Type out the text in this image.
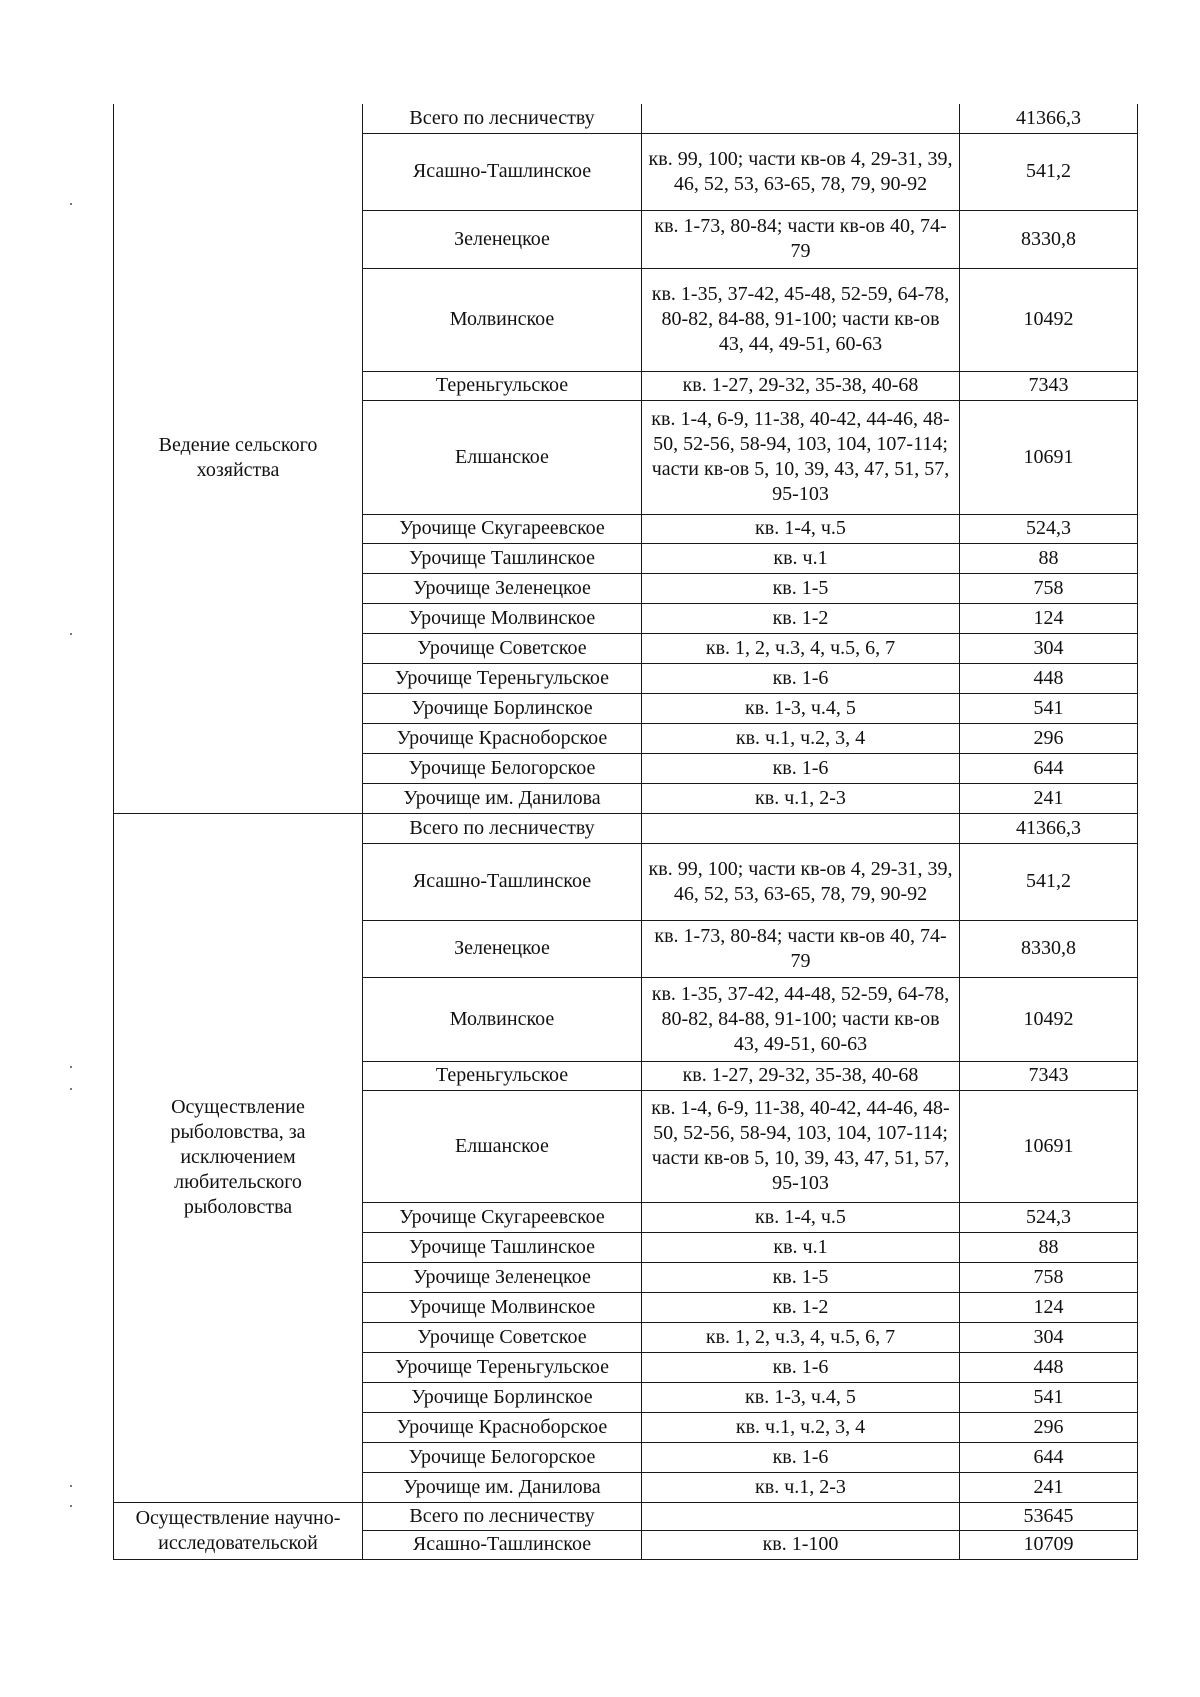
Ведение сельского хозяйства	Всего по лесничеству		41366,3
	Ясашно-Ташлинское	кв. 99, 100; части кв-ов 4, 29-31, 39, 46, 52, 53, 63-65, 78, 79, 90-92	541,2
	Зеленецкое	кв. 1-73, 80-84; части кв-ов 40, 74-79	8330,8
	Молвинское	кв. 1-35, 37-42, 45-48, 52-59, 64-78, 80-82, 84-88, 91-100; части кв-ов 43, 44, 49-51, 60-63	10492
	Тереньгульское	кв. 1-27, 29-32, 35-38, 40-68	7343
	Елшанское	кв. 1-4, 6-9, 11-38, 40-42, 44-46, 48-50, 52-56, 58-94, 103, 104, 107-114; части кв-ов 5, 10, 39, 43, 47, 51, 57, 95-103	10691
	Урочище Скугареевское	кв. 1-4, ч.5	524,3
	Урочище Ташлинское	кв. ч.1	88
	Урочище Зеленецкое	кв. 1-5	758
	Урочище Молвинское	кв. 1-2	124
	Урочище Советское	кв. 1, 2, ч.3, 4, ч.5, 6, 7	304
	Урочище Тереньгульское	кв. 1-6	448
	Урочище Борлинское	кв. 1-3, ч.4, 5	541
	Урочище Красноборское	кв. ч.1, ч.2, 3, 4	296
	Урочище Белогорское	кв. 1-6	644
	Урочище им. Данилова	кв. ч.1, 2-3	241
Осуществление рыболовства, за исключением любительского рыболовства	Всего по лесничеству		41366,3
	Ясашно-Ташлинское	кв. 99, 100; части кв-ов 4, 29-31, 39, 46, 52, 53, 63-65, 78, 79, 90-92	541,2
	Зеленецкое	кв. 1-73, 80-84; части кв-ов 40, 74-79	8330,8
	Молвинское	кв. 1-35, 37-42, 44-48, 52-59, 64-78, 80-82, 84-88, 91-100; части кв-ов 43, 49-51, 60-63	10492
	Тереньгульское	кв. 1-27, 29-32, 35-38, 40-68	7343
	Елшанское	кв. 1-4, 6-9, 11-38, 40-42, 44-46, 48-50, 52-56, 58-94, 103, 104, 107-114; части кв-ов 5, 10, 39, 43, 47, 51, 57, 95-103	10691
	Урочище Скугареевское	кв. 1-4, ч.5	524,3
	Урочище Ташлинское	кв. ч.1	88
	Урочище Зеленецкое	кв. 1-5	758
	Урочище Молвинское	кв. 1-2	124
	Урочище Советское	кв. 1, 2, ч.3, 4, ч.5, 6, 7	304
	Урочище Тереньгульское	кв. 1-6	448
	Урочище Борлинское	кв. 1-3, ч.4, 5	541
	Урочище Красноборское	кв. ч.1, ч.2, 3, 4	296
	Урочище Белогорское	кв. 1-6	644
	Урочище им. Данилова	кв. ч.1, 2-3	241
Осуществление научно-исследовательской	Всего по лесничеству		53645
	Ясашно-Ташлинское	кв. 1-100	10709
